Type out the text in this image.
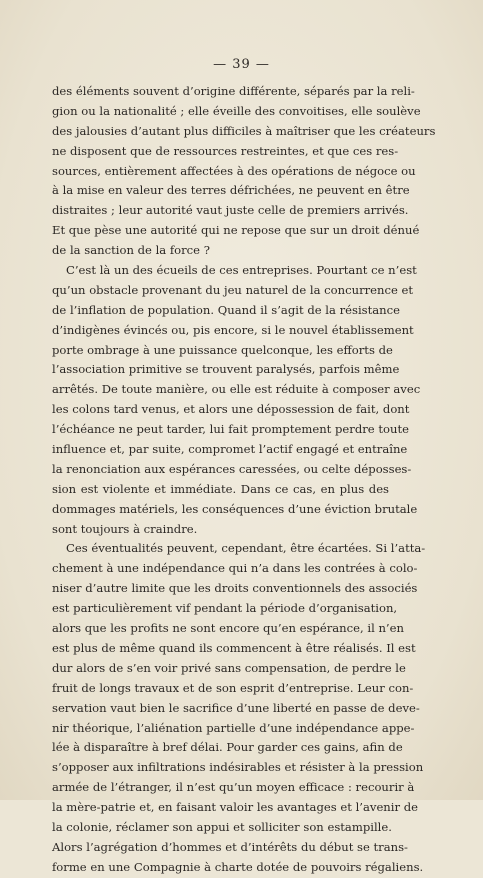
— 39 —
des éléments souvent d’origine différente, séparés par la reli-
gion ou la nationalité ; elle éveille des convoitises, elle soulève
des jalousies d’autant plus difficiles à maîtriser que les créateurs
ne disposent que de ressources restreintes, et que ces res-
sources, entièrement affectées à des opérations de négoce ou
à la mise en valeur des terres défrichées, ne peuvent en être
distraites ; leur autorité vaut juste celle de premiers arrivés.
Et que pèse une autorité qui ne repose que sur un droit dénué
de la sanction de la force ?
C’est là un des écueils de ces entreprises. Pourtant ce n’est
qu’un obstacle provenant du jeu naturel de la concurrence et
de l’inflation de population. Quand il s’agit de la résistance
d’indigènes évincés ou, pis encore, si le nouvel établissement
porte ombrage à une puissance quelconque, les efforts de
l’association primitive se trouvent paralysés, parfois même
arrêtés. De toute manière, ou elle est réduite à composer avec
les colons tard venus, et alors une dépossession de fait, dont
l’échéance ne peut tarder, lui fait promptement perdre toute
influence et, par suite, compromet l’actif engagé et entraîne
la renonciation aux espérances caressées, ou celte déposses-
sion est violente et immédiate. Dans ce cas, en plus des
dommages matériels, les conséquences d’une éviction brutale
sont toujours à craindre.
Ces éventualités peuvent, cependant, être écartées. Si l’atta-
chement à une indépendance qui n’a dans les contrées à colo-
niser d’autre limite que les droits conventionnels des associés
est particulièrement vif pendant la période d’organisation,
alors que les profits ne sont encore qu’en espérance, il n’en
est plus de même quand ils commencent à être réalisés. Il est
dur alors de s’en voir privé sans compensation, de perdre le
fruit de longs travaux et de son esprit d’entreprise. Leur con-
servation vaut bien le sacrifice d’une liberté en passe de deve-
nir théorique, l’aliénation partielle d’une indépendance appe-
lée à disparaître à bref délai. Pour garder ces gains, afin de
s’opposer aux infiltrations indésirables et résister à la pression
armée de l’étranger, il n’est qu’un moyen efficace : recourir à
la mère-patrie et, en faisant valoir les avantages et l’avenir de
la colonie, réclamer son appui et solliciter son estampille.
Alors l’agrégation d’hommes et d’intérêts du début se trans-
forme en une Compagnie à charte dotée de pouvoirs régaliens.
